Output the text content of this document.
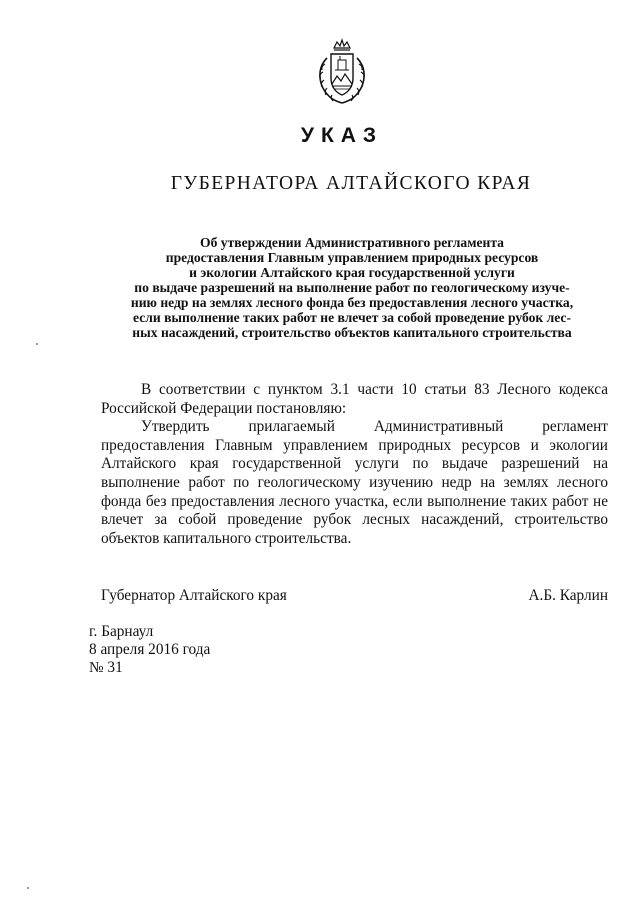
УКАЗ
ГУБЕРНАТОРА АЛТАЙСКОГО КРАЯ
Об утверждении Административного регламента
предоставления Главным управлением природных ресурсов
и экологии Алтайского края государственной услуги
по выдаче разрешений на выполнение работ по геологическому изуче-
нию недр на землях лесного фонда без предоставления лесного участка,
если выполнение таких работ не влечет за собой проведение рубок лес-
ных насаждений, строительство объектов капитального строительства

В соответствии с пунктом 3.1 части 10 статьи 83 Лесного кодекса Российской Федерации постановляю:

Утвердить прилагаемый Административный регламент предоставления Главным управлением природных ресурсов и экологии Алтайского края государственной услуги по выдаче разрешений на выполнение работ по геологическому изучению недр на землях лесного фонда без предоставления лесного участка, если выполнение таких работ не влечет за собой проведение рубок лесных насаждений, строительство объектов капитального строительства.

Губернатор Алтайского края	А.Б. Карлин
г. Барнаул
8 апреля 2016 года
№ 31
